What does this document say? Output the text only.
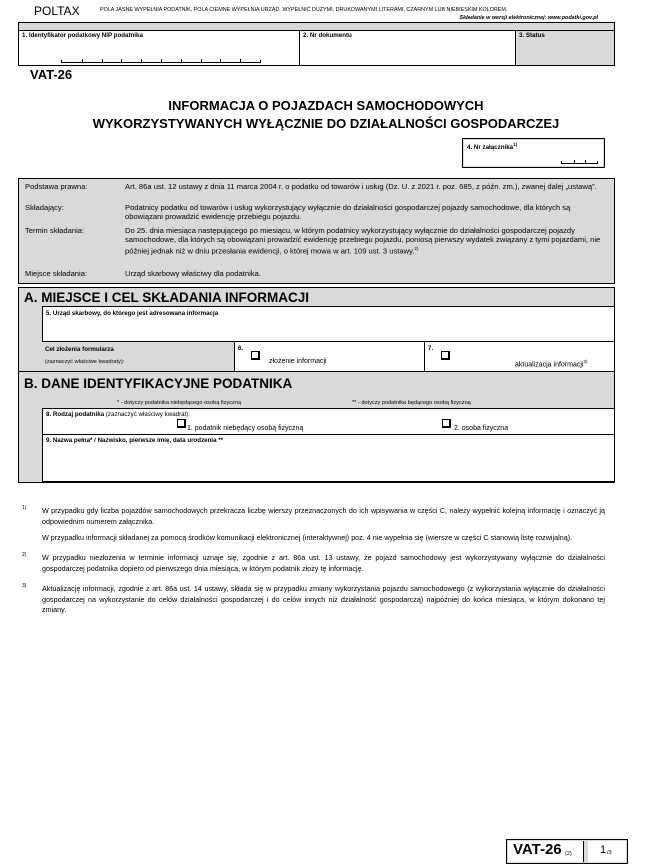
POLTAX	POLA JASNE WYPEŁNIA PODATNIK, POLA CIEMNE WYPEŁNIA URZĄD. WYPEŁNIĆ DUŻYMI, DRUKOWANYMI LITERAMI, CZARNYM LUB NIEBIESKIM KOLOREM.
Składanie w wersji elektronicznej: www.podatki.gov.pl
1. Identyfikator podatkowy NIP podatnika	2. Nr dokumentu	3. Status
VAT-26
INFORMACJA O POJAZDACH SAMOCHODOWYCH
WYKORZYSTYWANYCH WYŁĄCZNIE DO DZIAŁALNOŚCI GOSPODARCZEJ
4. Nr załącznika$^{1)}$
Podstawa prawna:	Art. 86a ust. 12 ustawy z dnia 11 marca 2004 r. o podatku od towarów i usług (Dz. U. z 2021 r. poz. 685, z późn. zm.), zwanej dalej „ustawą”.
Składający:	Podatnicy podatku od towarów i usług wykorzystujący wyłącznie do działalności gospodarczej pojazdy samochodowe, dla których są obowiązani prowadzić ewidencję przebiegu pojazdu.
Termin składania:	Do 25. dnia miesiąca następującego po miesiącu, w którym podatnicy wykorzystujący wyłącznie do działalności gospodarczej pojazdy samochodowe, dla których są obowiązani prowadzić ewidencję przebiegu pojazdu, poniosą pierwszy wydatek związany z tymi pojazdami, nie później jednak niż w dniu przesłania ewidencji, o której mowa w art. 109 ust. 3 ustawy.$^{2)}$
Miejsce składania:	Urząd skarbowy właściwy dla podatnika.
A. MIEJSCE I CEL SKŁADANIA INFORMACJI
5. Urząd skarbowy, do którego jest adresowana informacja
Cel złożenia formularza
(zaznaczyć właściwe kwadraty):
6.
złożenie informacji
7.
aktualizacja informacji$^{3)}$
B. DANE IDENTYFIKACYJNE PODATNIKA
* - dotyczy podatnika niebędącego osobą fizyczną	** - dotyczy podatnika będącego osobą fizyczną
8. Rodzaj podatnika (zaznaczyć właściwy kwadrat):
1. podatnik niebędący osobą fizyczną	2. osoba fizyczna
9. Nazwa pełna* / Nazwisko, pierwsze imię, data urodzenia **
1) W przypadku gdy liczba pojazdów samochodowych przekracza liczbę wierszy przeznaczonych do ich wpisywania w części C, należy wypełnić kolejną informację i oznaczyć ją odpowiednim numerem załącznika.
W przypadku informacji składanej za pomocą środków komunikacji elektronicznej (interaktywnej) poz. 4 nie wypełnia się (wiersze w części C stanowią listę rozwijalną).
2) W przypadku niezłożenia w terminie informacji uznaje się, zgodnie z art. 86a ust. 13 ustawy, że pojazd samochodowy jest wykorzystywany wyłącznie do działalności gospodarczej podatnika dopiero od pierwszego dnia miesiąca, w którym podatnik złoży tę informację.
3) Aktualizację informacji, zgodnie z art. 86a ust. 14 ustawy, składa się w przypadku zmiany wykorzystania pojazdu samochodowego (z wykorzystania wyłącznie do działalności gospodarczej na wykorzystanie do celów działalności gospodarczej i do celów innych niż działalność gospodarczą) najpóźniej do końca miesiąca, w którym dokonano tej zmiany.
VAT-26 (2)	1 /3
